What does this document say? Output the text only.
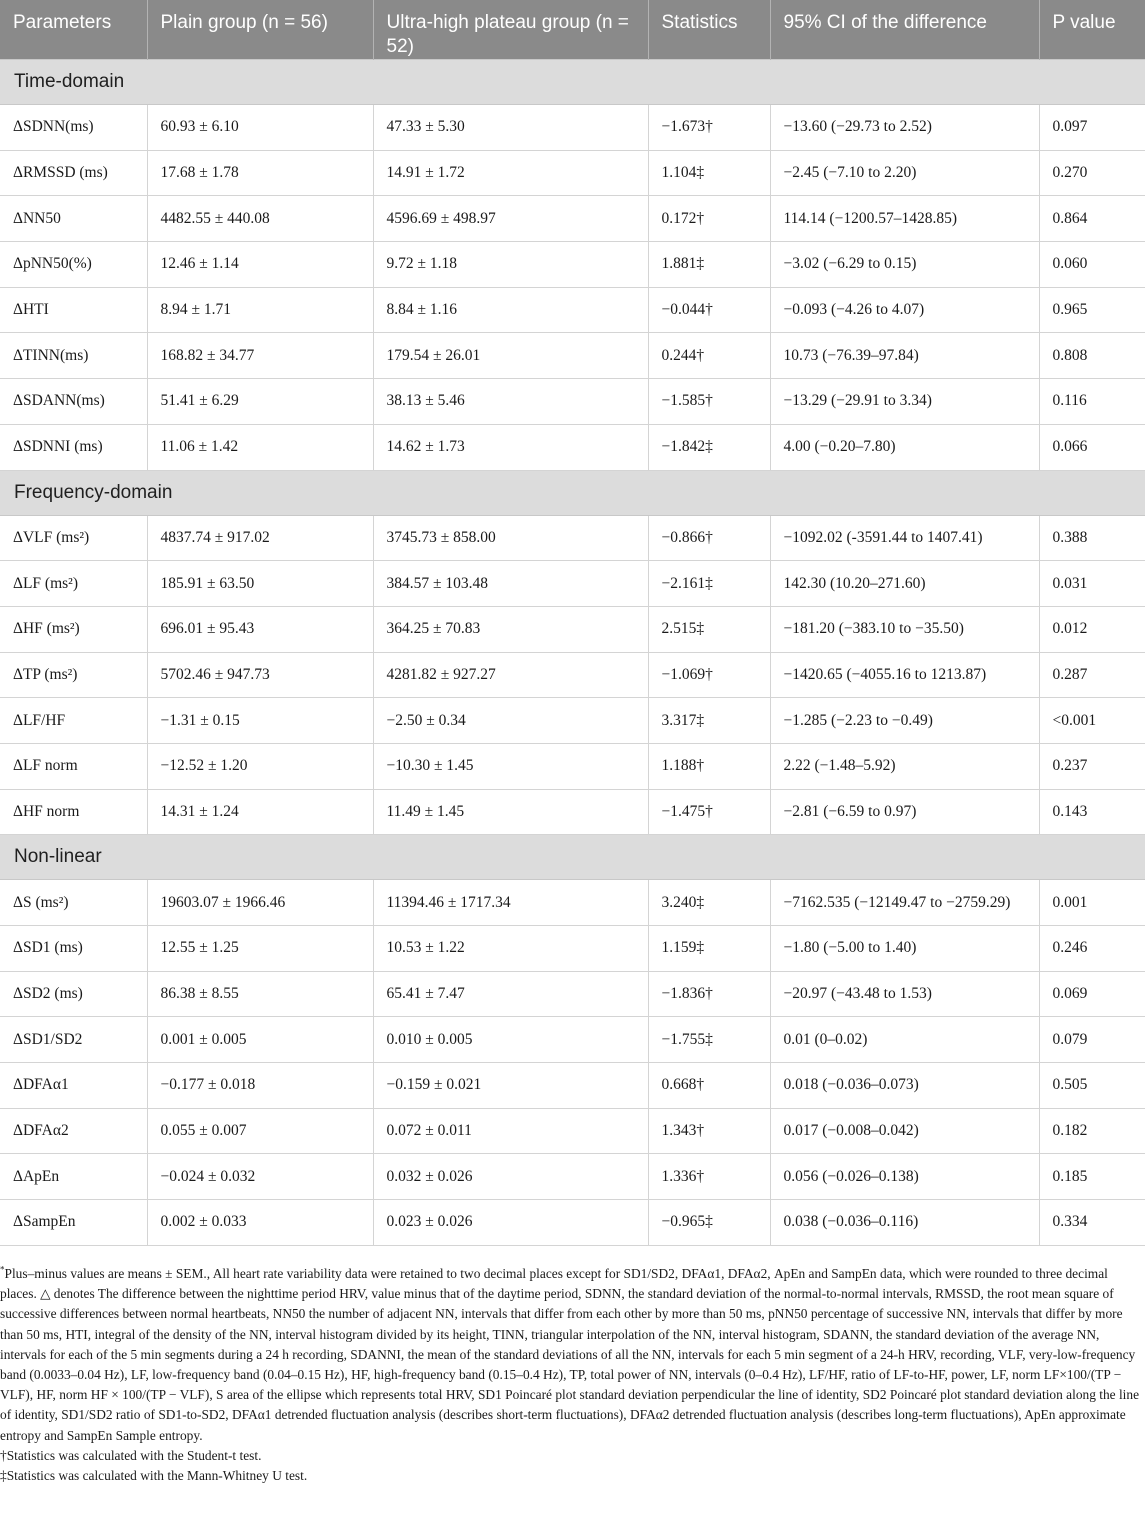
Parameters	Plain group (n = 56)	Ultra-high plateau group (n = 52)	Statistics	95% CI of the difference	P value
Time-domain					
ΔSDNN(ms)	60.93 ± 6.10	47.33 ± 5.30	−1.673†	−13.60 (−29.73 to 2.52)	0.097
ΔRMSSD (ms)	17.68 ± 1.78	14.91 ± 1.72	1.104‡	−2.45 (−7.10 to 2.20)	0.270
ΔNN50	4482.55 ± 440.08	4596.69 ± 498.97	0.172†	114.14 (−1200.57–1428.85)	0.864
ΔpNN50(%)	12.46 ± 1.14	9.72 ± 1.18	1.881‡	−3.02 (−6.29 to 0.15)	0.060
ΔHTI	8.94 ± 1.71	8.84 ± 1.16	−0.044†	−0.093 (−4.26 to 4.07)	0.965
ΔTINN(ms)	168.82 ± 34.77	179.54 ± 26.01	0.244†	10.73 (−76.39–97.84)	0.808
ΔSDANN(ms)	51.41 ± 6.29	38.13 ± 5.46	−1.585†	−13.29 (−29.91 to 3.34)	0.116
ΔSDNNI (ms)	11.06 ± 1.42	14.62 ± 1.73	−1.842‡	4.00 (−0.20–7.80)	0.066
Frequency-domain					
ΔVLF (ms²)	4837.74 ± 917.02	3745.73 ± 858.00	−0.866†	−1092.02 (-3591.44 to 1407.41)	0.388
ΔLF (ms²)	185.91 ± 63.50	384.57 ± 103.48	−2.161‡	142.30 (10.20–271.60)	0.031
ΔHF (ms²)	696.01 ± 95.43	364.25 ± 70.83	2.515‡	−181.20 (−383.10 to −35.50)	0.012
ΔTP (ms²)	5702.46 ± 947.73	4281.82 ± 927.27	−1.069†	−1420.65 (−4055.16 to 1213.87)	0.287
ΔLF/HF	−1.31 ± 0.15	−2.50 ± 0.34	3.317‡	−1.285 (−2.23 to −0.49)	<0.001
ΔLF norm	−12.52 ± 1.20	−10.30 ± 1.45	1.188†	2.22 (−1.48–5.92)	0.237
ΔHF norm	14.31 ± 1.24	11.49 ± 1.45	−1.475†	−2.81 (−6.59 to 0.97)	0.143
Non-linear					
ΔS (ms²)	19603.07 ± 1966.46	11394.46 ± 1717.34	3.240‡	−7162.535 (−12149.47 to −2759.29)	0.001
ΔSD1 (ms)	12.55 ± 1.25	10.53 ± 1.22	1.159‡	−1.80 (−5.00 to 1.40)	0.246
ΔSD2 (ms)	86.38 ± 8.55	65.41 ± 7.47	−1.836†	−20.97 (−43.48 to 1.53)	0.069
ΔSD1/SD2	0.001 ± 0.005	0.010 ± 0.005	−1.755‡	0.01 (0–0.02)	0.079
ΔDFAα1	−0.177 ± 0.018	−0.159 ± 0.021	0.668†	0.018 (−0.036–0.073)	0.505
ΔDFAα2	0.055 ± 0.007	0.072 ± 0.011	1.343†	0.017 (−0.008–0.042)	0.182
ΔApEn	−0.024 ± 0.032	0.032 ± 0.026	1.336†	0.056 (−0.026–0.138)	0.185
ΔSampEn	0.002 ± 0.033	0.023 ± 0.026	−0.965‡	0.038 (−0.036–0.116)	0.334

*Plus–minus values are means ± SEM., All heart rate variability data were retained to two decimal places except for SD1/SD2, DFAα1, DFAα2, ApEn and SampEn data, which were rounded to three decimal places. △ denotes The difference between the nighttime period HRV, value minus that of the daytime period, SDNN, the standard deviation of the normal-to-normal intervals, RMSSD, the root mean square of successive differences between normal heartbeats, NN50 the number of adjacent NN, intervals that differ from each other by more than 50 ms, pNN50 percentage of successive NN, intervals that differ by more than 50 ms, HTI, integral of the density of the NN, interval histogram divided by its height, TINN, triangular interpolation of the NN, interval histogram, SDANN, the standard deviation of the average NN, intervals for each of the 5 min segments during a 24 h recording, SDANNI, the mean of the standard deviations of all the NN, intervals for each 5 min segment of a 24-h HRV, recording, VLF, very-low-frequency band (0.0033–0.04 Hz), LF, low-frequency band (0.04–0.15 Hz), HF, high-frequency band (0.15–0.4 Hz), TP, total power of NN, intervals (0–0.4 Hz), LF/HF, ratio of LF-to-HF, power, LF, norm LF×100/(TP − VLF), HF, norm HF × 100/(TP − VLF), S area of the ellipse which represents total HRV, SD1 Poincaré plot standard deviation perpendicular the line of identity, SD2 Poincaré plot standard deviation along the line of identity, SD1/SD2 ratio of SD1-to-SD2, DFAα1 detrended fluctuation analysis (describes short-term fluctuations), DFAα2 detrended fluctuation analysis (describes long-term fluctuations), ApEn approximate entropy and SampEn Sample entropy.

†Statistics was calculated with the Student-t test.

‡Statistics was calculated with the Mann-Whitney U test.
